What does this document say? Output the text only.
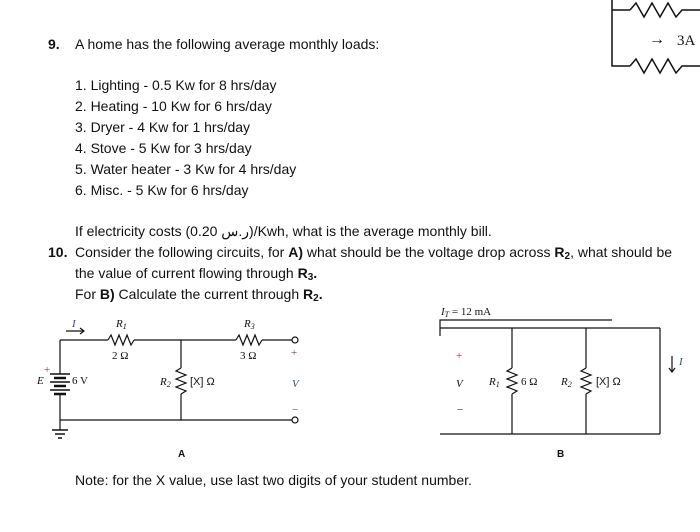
9. A home has the following average monthly loads:
1. Lighting - 0.5 Kw for 8 hrs/day
2. Heating - 10 Kw for 6 hrs/day
3. Dryer - 4 Kw for 1 hrs/day
4. Stove - 5 Kw for 3 hrs/day
5. Water heater - 3 Kw for 4 hrs/day
6. Misc. - 5 Kw for 6 hrs/day
If electricity costs ( ر.س 0.20)/Kwh, what is the average monthly bill.
10. Consider the following circuits, for A) what should be the voltage drop across $R_2$, what should be
the value of current flowing through $R_3$.
For B) Calculate the current through $R_2$.
→ 3A
I	R1
2 Ω
R3
3 Ω
R2 [X] Ω
E	6 V
+
+
V
−
A
IT = 12 mA
+
V
−
R1 6 Ω R2 [X] Ω
I
B
Note: for the X value, use last two digits of your student number.
